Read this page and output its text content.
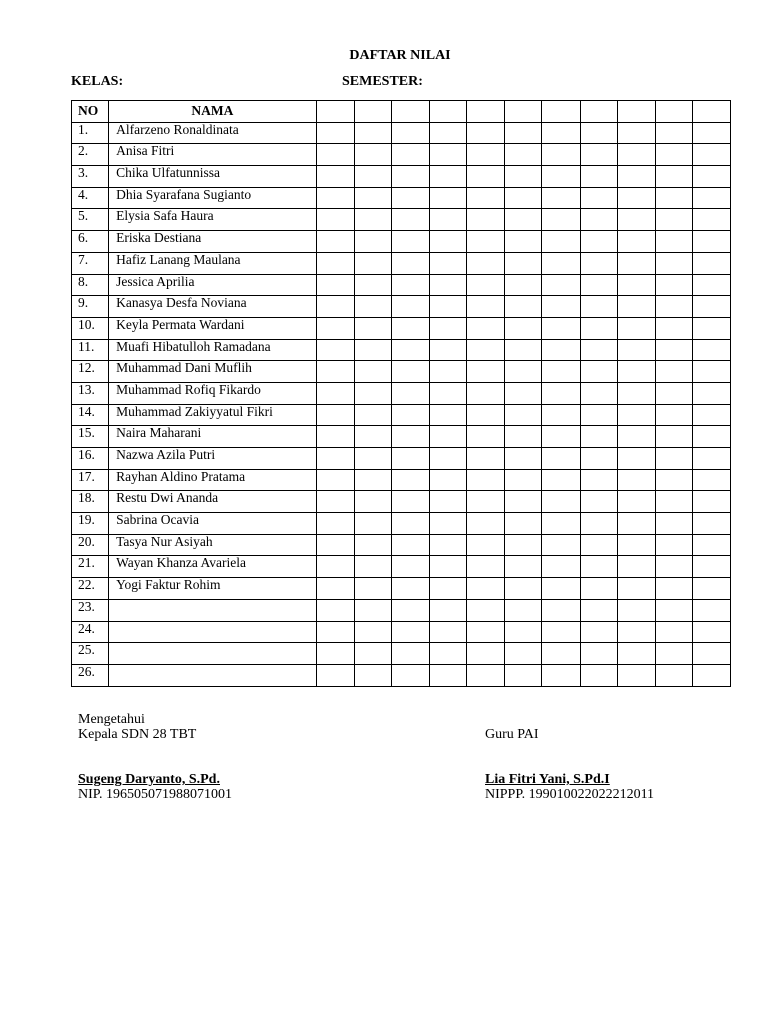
DAFTAR NILAI
KELAS:	SEMESTER:
NO	NAMA											
1.	Alfarzeno Ronaldinata											
2.	Anisa Fitri											
3.	Chika Ulfatunnissa											
4.	Dhia Syarafana Sugianto											
5.	Elysia Safa Haura											
6.	Eriska Destiana											
7.	Hafiz Lanang Maulana											
8.	Jessica Aprilia											
9.	Kanasya Desfa Noviana											
10.	Keyla Permata Wardani											
11.	Muafi Hibatulloh Ramadana											
12.	Muhammad Dani Muflih											
13.	Muhammad Rofiq Fikardo											
14.	Muhammad Zakiyyatul Fikri											
15.	Naira Maharani											
16.	Nazwa Azila Putri											
17.	Rayhan Aldino Pratama											
18.	Restu Dwi Ananda											
19.	Sabrina Ocavia											
20.	Tasya Nur Asiyah											
21.	Wayan Khanza Avariela											
22.	Yogi Faktur Rohim											
23.												
24.												
25.												
26.												
Mengetahui
Kepala SDN 28 TBT
Sugeng Daryanto, S.Pd.
NIP. 196505071988071001
Guru PAI
Lia Fitri Yani, S.Pd.I
NIPPP. 199010022022212011
